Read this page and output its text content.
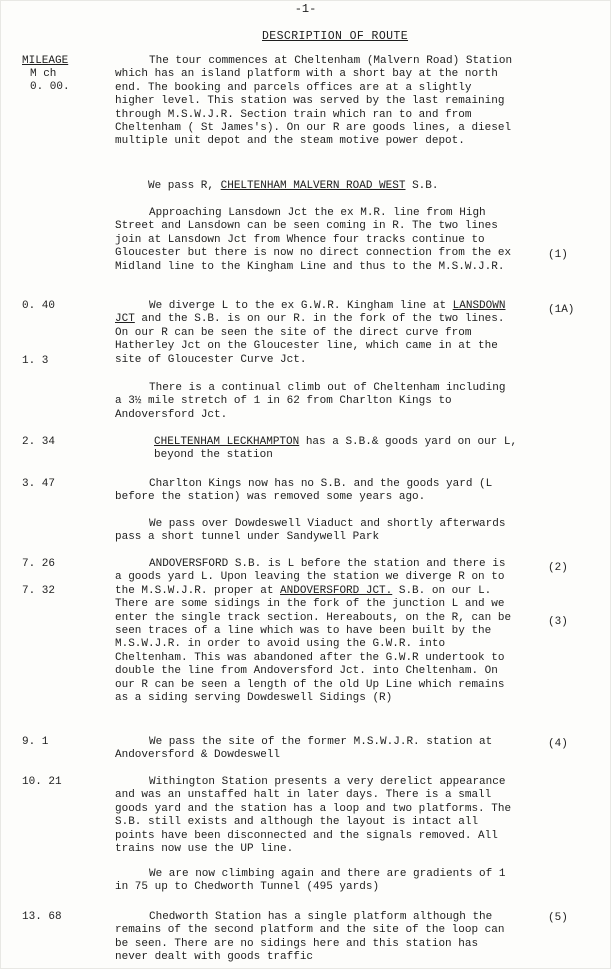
-1-
DESCRIPTION OF ROUTE
MILEAGE
M ch
0. 00.
The tour commences at Cheltenham (Malvern Road) Station which has an island platform with a short bay at the north end. The booking and parcels offices are at a slightly higher level. This station was served by the last remaining through M.S.W.J.R. Section train which ran to and from Cheltenham ( St James's). On our R are goods lines, a diesel multiple unit depot and the steam motive power depot.
We pass R, CHELTENHAM MALVERN ROAD WEST S.B.
Approaching Lansdown Jct the ex M.R. line from High Street and Lansdown can be seen coming in R. The two lines join at Lansdown Jct from Whence four tracks continue to Gloucester but there is now no direct connection from the ex Midland line to the Kingham Line and thus to the M.S.W.J.R.
We diverge L to the ex G.W.R. Kingham line at LANSDOWN JCT and the S.B. is on our R. in the fork of the two lines. On our R can be seen the site of the direct curve from Hatherley Jct on the Gloucester line, which came in at the site of Gloucester Curve Jct.
There is a continual climb out of Cheltenham including a 3½ mile stretch of 1 in 62 from Charlton Kings to Andoversford Jct.
CHELTENHAM LECKHAMPTON has a S.B.& goods yard on our L, beyond the station
Charlton Kings now has no S.B. and the goods yard (L before the station) was removed some years ago.
We pass over Dowdeswell Viaduct and shortly afterwards pass a short tunnel under Sandywell Park
ANDOVERSFORD S.B. is L before the station and there is a goods yard L. Upon leaving the station we diverge R on to the M.S.W.J.R. proper at ANDOVERSFORD JCT. S.B. on our L. There are some sidings in the fork of the junction L and we enter the single track section. Hereabouts, on the R, can be seen traces of a line which was to have been built by the M.S.W.J.R. in order to avoid using the G.W.R. into Cheltenham. This was abandoned after the G.W.R undertook to double the line from Andoversford Jct. into Cheltenham. On our R can be seen a length of the old Up Line which remains as a siding serving Dowdeswell Sidings (R)
We pass the site of the former M.S.W.J.R. station at Andoversford & Dowdeswell
Withington Station presents a very derelict appearance and was an unstaffed halt in later days. There is a small goods yard and the station has a loop and two platforms. The S.B. still exists and although the layout is intact all points have been disconnected and the signals removed. All trains now use the UP line.
We are now climbing again and there are gradients of 1 in 75 up to Chedworth Tunnel (495 yards)
Chedworth Station has a single platform although the remains of the second platform and the site of the loop can be seen. There are no sidings here and this station has never dealt with goods traffic
0. 40
1. 3
2. 34
3. 47
7. 26
7. 32
9. 1
10. 21
13. 68
(1)
(1A)
(2)
(3)
(4)
(5)
